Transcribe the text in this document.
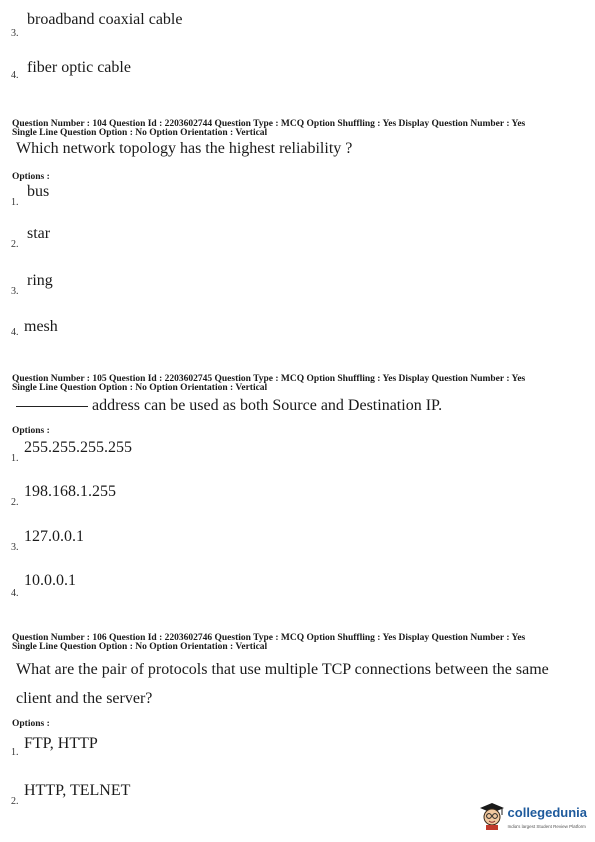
3.
broadband coaxial cable
4. fiber optic cable
Question Number : 104 Question Id : 2203602744 Question Type : MCQ Option Shuffling : Yes Display Question Number : Yes
Single Line Question Option : No Option Orientation : Vertical
Which network topology has the highest reliability ?
Options :
1.
bus
2.
star
3.
ring
4. mesh
Question Number : 105 Question Id : 2203602745 Question Type : MCQ Option Shuffling : Yes Display Question Number : Yes
Single Line Question Option : No Option Orientation : Vertical
address can be used as both Source and Destination IP.
Options :
1.
255.255.255.255
2.
198.168.1.255
3.
127.0.0.1
4.
10.0.0.1
Question Number : 106 Question Id : 2203602746 Question Type : MCQ Option Shuffling : Yes Display Question Number : Yes
Single Line Question Option : No Option Orientation : Vertical
What are the pair of protocols that use multiple TCP connections between the same
client and the server?
Options :
1.
FTP, HTTP
2.
HTTP, TELNET
collegedunia
India's largest Student Review Platform
